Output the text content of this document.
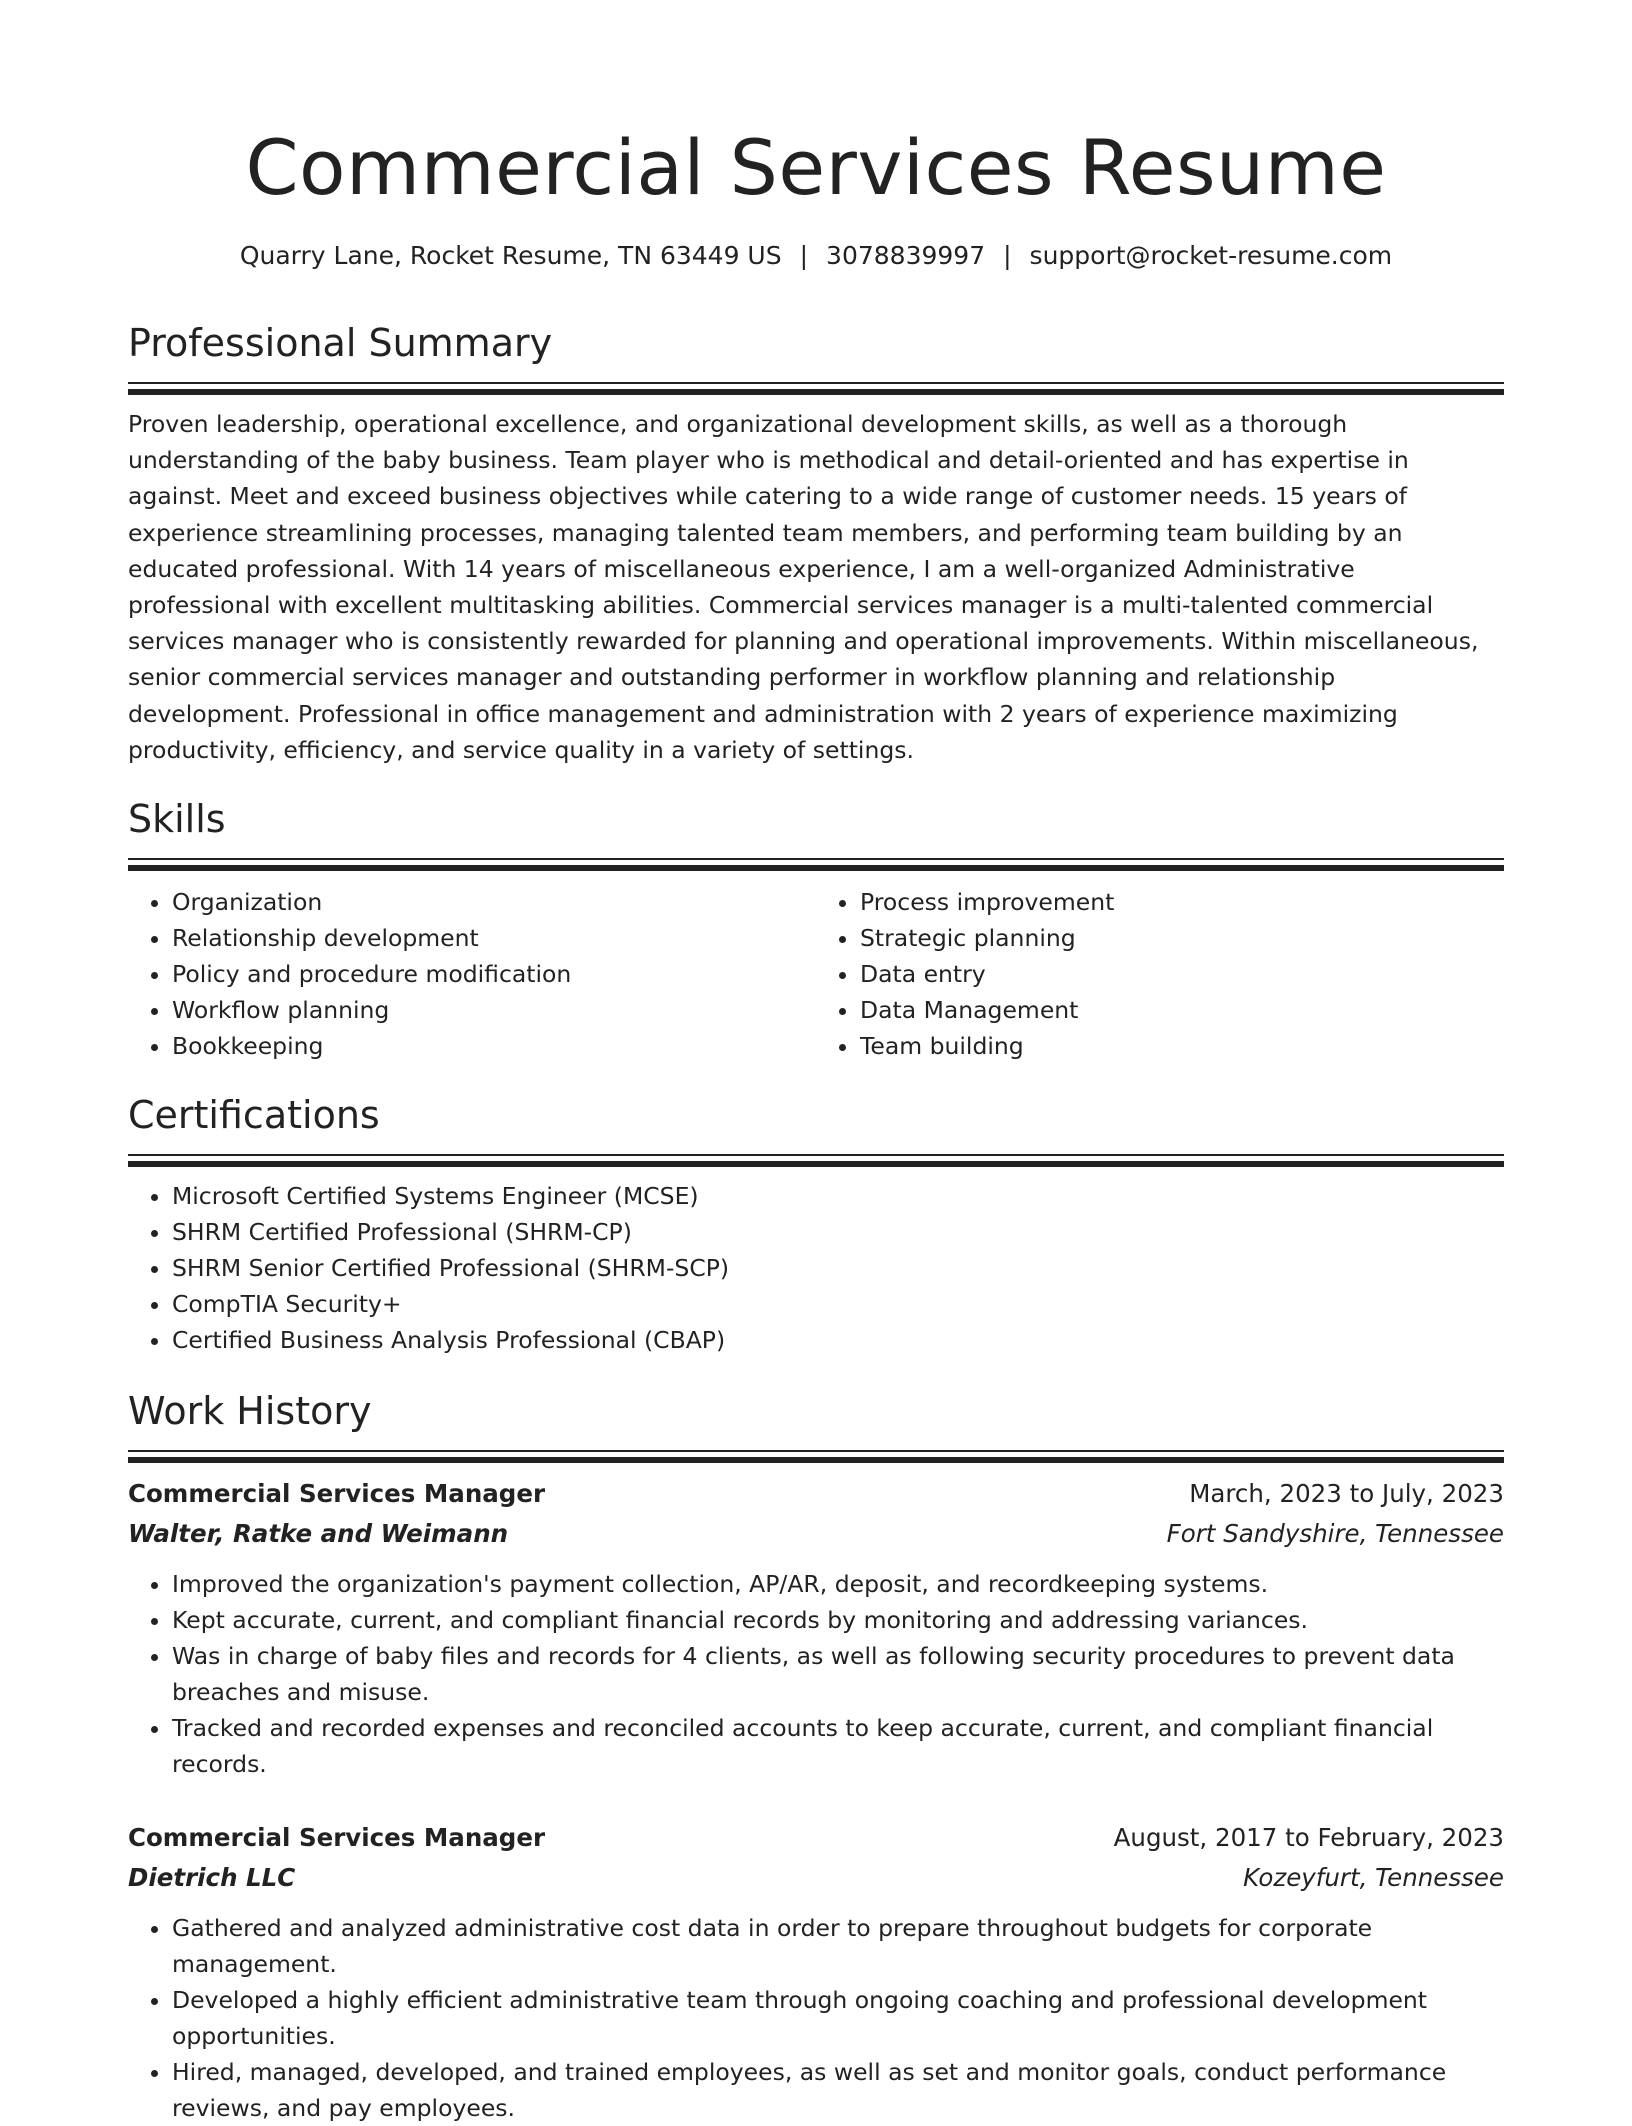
Commercial Services Resume
Quarry Lane, Rocket Resume, TN 63449 US | 3078839997 | support@rocket-resume.com
Professional Summary

Proven leadership, operational excellence, and organizational development skills, as well as a thorough understanding of the baby business. Team player who is methodical and detail-oriented and has expertise in against. Meet and exceed business objectives while catering to a wide range of customer needs. 15 years of experience streamlining processes, managing talented team members, and performing team building by an educated professional. With 14 years of miscellaneous experience, I am a well-organized Administrative professional with excellent multitasking abilities. Commercial services manager is a multi-talented commercial services manager who is consistently rewarded for planning and operational improvements. Within miscellaneous, senior commercial services manager and outstanding performer in workflow planning and relationship development. Professional in office management and administration with 2 years of experience maximizing productivity, efficiency, and service quality in a variety of settings.

Skills
• Organization
• Relationship development
• Policy and procedure modification
• Workflow planning
• Bookkeeping
• Process improvement
• Strategic planning
• Data entry
• Data Management
• Team building
Certifications
• Microsoft Certified Systems Engineer (MCSE)
• SHRM Certified Professional (SHRM-CP)
• SHRM Senior Certified Professional (SHRM-SCP)
• CompTIA Security+
• Certified Business Analysis Professional (CBAP)
Work History
Commercial Services Manager	March, 2023 to July, 2023
Walter, Ratke and Weimann	Fort Sandyshire, Tennessee
• Improved the organization's payment collection, AP/AR, deposit, and recordkeeping systems.
• Kept accurate, current, and compliant financial records by monitoring and addressing variances.
• Was in charge of baby files and records for 4 clients, as well as following security procedures to prevent data breaches and misuse.
• Tracked and recorded expenses and reconciled accounts to keep accurate, current, and compliant financial records.
Commercial Services Manager	August, 2017 to February, 2023
Dietrich LLC	Kozeyfurt, Tennessee
• Gathered and analyzed administrative cost data in order to prepare throughout budgets for corporate management.
• Developed a highly efficient administrative team through ongoing coaching and professional development opportunities.
• Hired, managed, developed, and trained employees, as well as set and monitor goals, conduct performance reviews, and pay employees.
